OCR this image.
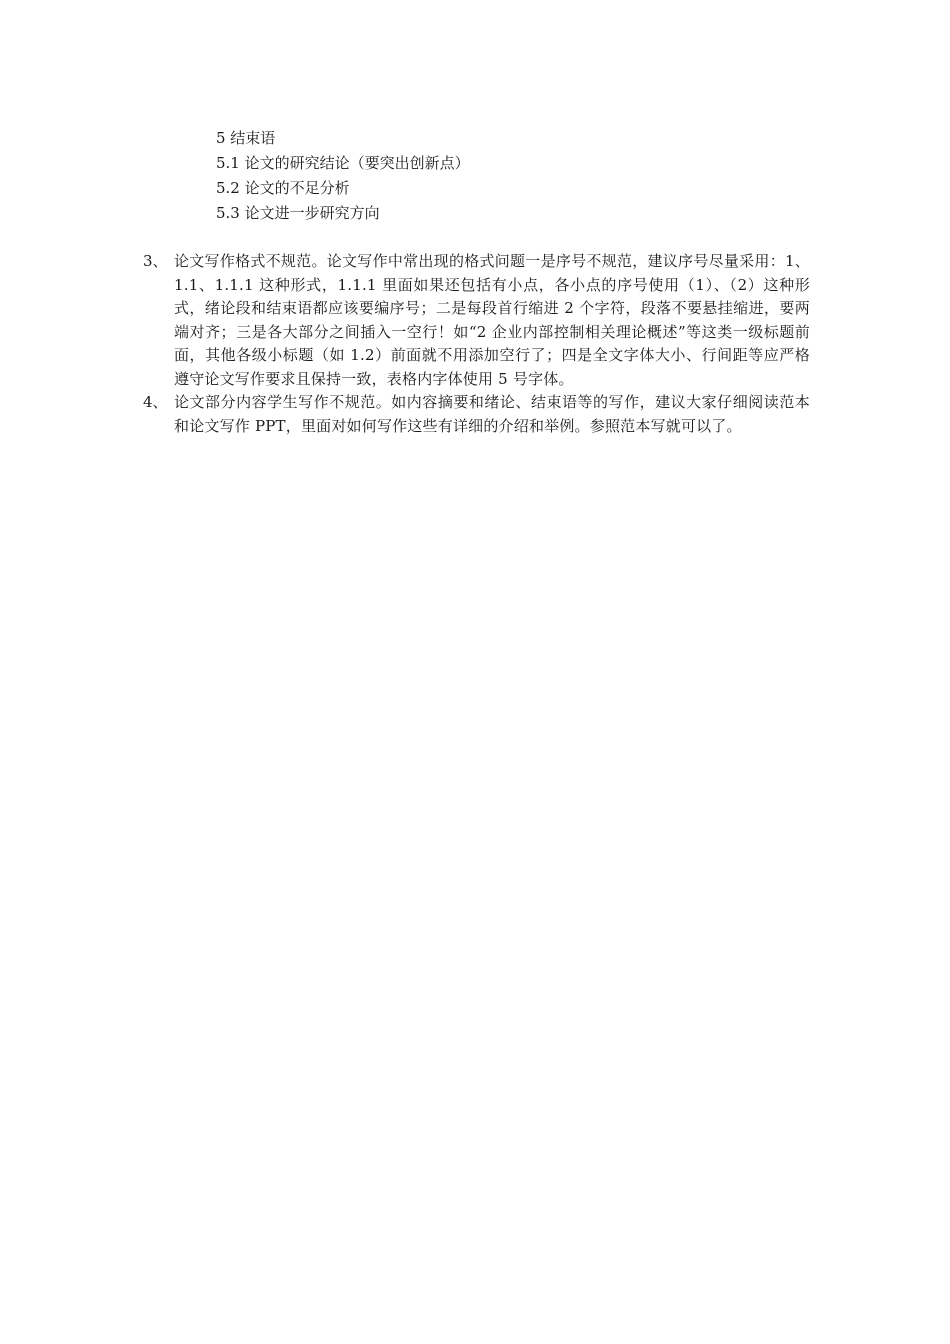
5 结束语
5.1 论文的研究结论（要突出创新点）
5.2 论文的不足分析
5.3 论文进一步研究方向
3、 论文写作格式不规范。论文写作中常出现的格式问题一是序号不规范，建议序号尽量采用：1、1.1、1.1.1 这种形式，1.1.1 里面如果还包括有小点，各小点的序号使用（1）、（2）这种形式，绪论段和结束语都应该要编序号；二是每段首行缩进 2 个字符，段落不要悬挂缩进，要两端对齐；三是各大部分之间插入一空行！如“2 企业内部控制相关理论概述”等这类一级标题前面，其他各级小标题（如 1.2）前面就不用添加空行了；四是全文字体大小、行间距等应严格遵守论文写作要求且保持一致，表格内字体使用 5 号字体。
4、 论文部分内容学生写作不规范。如内容摘要和绪论、结束语等的写作，建议大家仔细阅读范本和论文写作 PPT，里面对如何写作这些有详细的介绍和举例。参照范本写就可以了。
